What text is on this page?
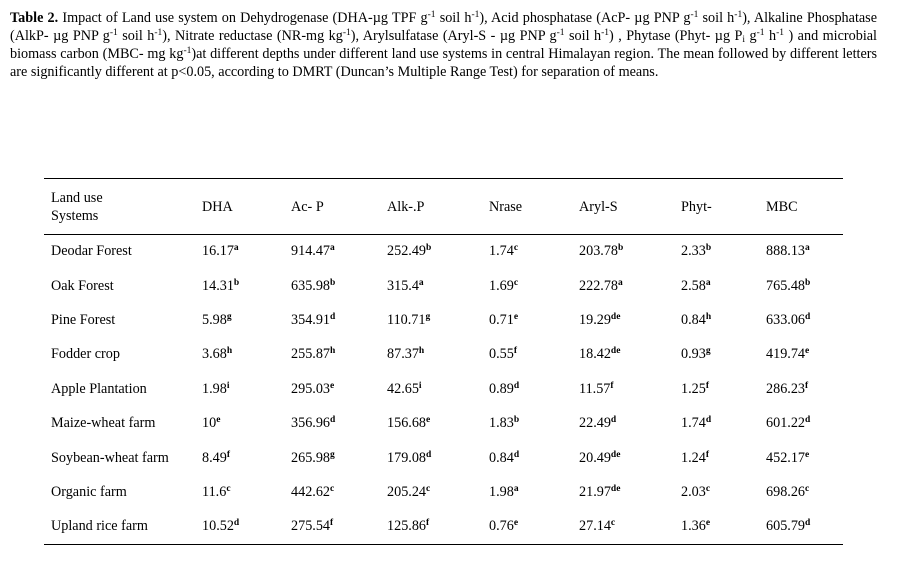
Table 2. Impact of Land use system on Dehydrogenase (DHA-µg TPF $g^{-1}$ soil $h^{-1}$), Acid phosphatase (AcP- µg PNP $g^{-1}$ soil $h^{-1}$), Alkaline Phosphatase (AlkP- µg PNP $g^{-1}$ soil $h^{-1}$), Nitrate reductase (NR-mg $kg^{-1}$), Arylsulfatase (Aryl-S - µg PNP $g^{-1}$ soil $h^{-1}$) , Phytase (Phyt- µg $P_i$ $g^{-1}$ $h^{-1}$ ) and microbial biomass carbon (MBC- mg $kg^{-1})at$ different depths under different land use systems in central Himalayan region. The mean followed by different letters are significantly different at p<0.05, according to DMRT (Duncan’s Multiple Range Test) for separation of means.

Land use
Systems	DHA	Ac- P	Alk-.P	Nrase	Aryl-S	Phyt-	MBC
Deodar Forest	16.17$^a$	914.47$^a$	252.49$^b$	1.74$^c$	203.78$^b$	2.33$^b$	888.13$^a$
Oak Forest	14.31$^b$	635.98$^b$	315.4$^a$	1.69$^c$	222.78$^a$	2.58$^a$	765.48$^b$
Pine Forest	5.98$^g$	354.91$^d$	110.71$^g$	0.71e	19.29de	0.84$^h$	633.06$^d$
Fodder crop	3.68$^h$	255.87$^h$	87.37$^h$	0.55$^f$	18.42de	0.93$^g$	419.74e
Apple Plantation	1.98$^i$	295.03e	42.65$^i$	0.89$^d$	11.57$^f$	1.25$^f$	286.23$^f$
Maize-wheat farm	10e	356.96$^d$	156.68e	1.83$^b$	22.49$^d$	1.74$^d$	601.22$^d$
Soybean-wheat farm	8.49$^f$	265.98$^g$	179.08$^d$	0.84$^d$	20.49de	1.24$^f$	452.17e
Organic farm	11.6$^c$	442.62$^c$	205.24$^c$	1.98$^a$	21.97de	2.03$^c$	698.26$^c$
Upland rice farm	10.52$^d$	275.54$^f$	125.86$^f$	0.76e	27.14$^c$	1.36e	605.79$^d$
